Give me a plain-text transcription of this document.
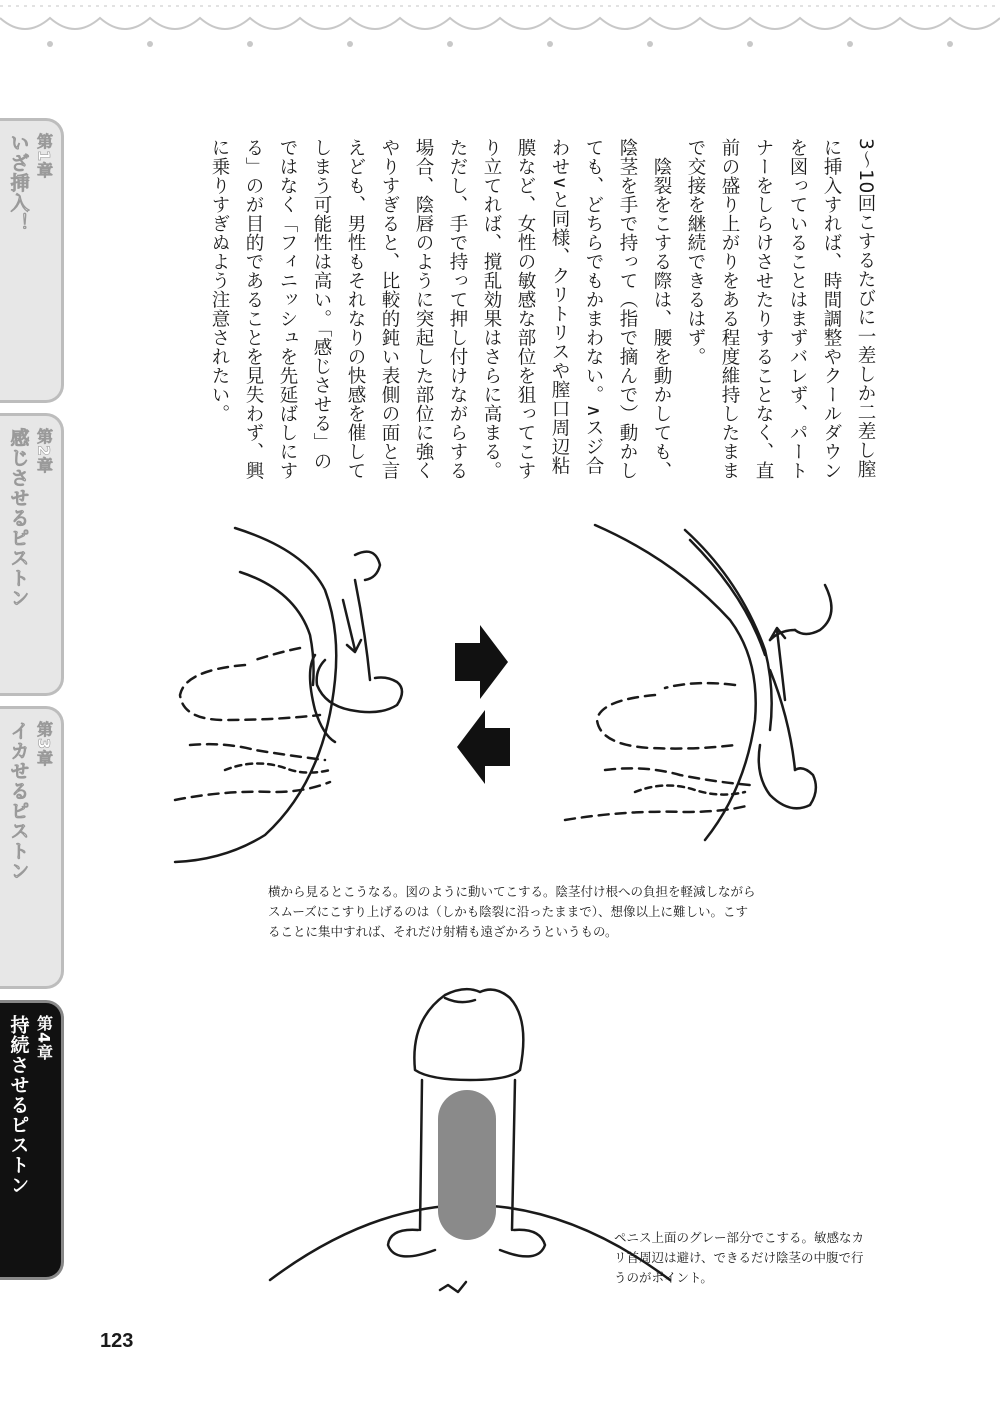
第1章
いざ挿入！
第2章
感じさせるピストン
第3章
イカせるピストン
第4章
持続させるピストン

3〜10回こするたびに一差しか二差し膣に挿入すれば、時間調整やクールダウンを図っていることはまずバレず、パートナーをしらけさせたりすることなく、直前の盛り上がりをある程度維持したままで交接を継続できるはず。

陰裂をこする際は、腰を動かしても、陰茎を手で持って（指で摘んで）動かしても、どちらでもかまわない。∧スジ合わせ∨と同様、クリトリスや膣口周辺粘膜など、女性の敏感な部位を狙ってこすり立てれば、撹乱効果はさらに高まる。ただし、手で持って押し付けながらする場合、陰唇のように突起した部位に強くやりすぎると、比較的鈍い表側の面と言えども、男性もそれなりの快感を催してしまう可能性は高い。「感じさせる」のではなく「フィニッシュを先延ばしにする」のが目的であることを見失わず、興に乗りすぎぬよう注意されたい。

横から見るとこうなる。図のように動いてこする。陰茎付け根への負担を軽減しながらスムーズにこすり上げるのは（しかも陰裂に沿ったままで）、想像以上に難しい。こすることに集中すれば、それだけ射精も遠ざかろうというもの。
ペニス上面のグレー部分でこする。敏感なカリ首周辺は避け、できるだけ陰茎の中腹で行うのがポイント。
123
